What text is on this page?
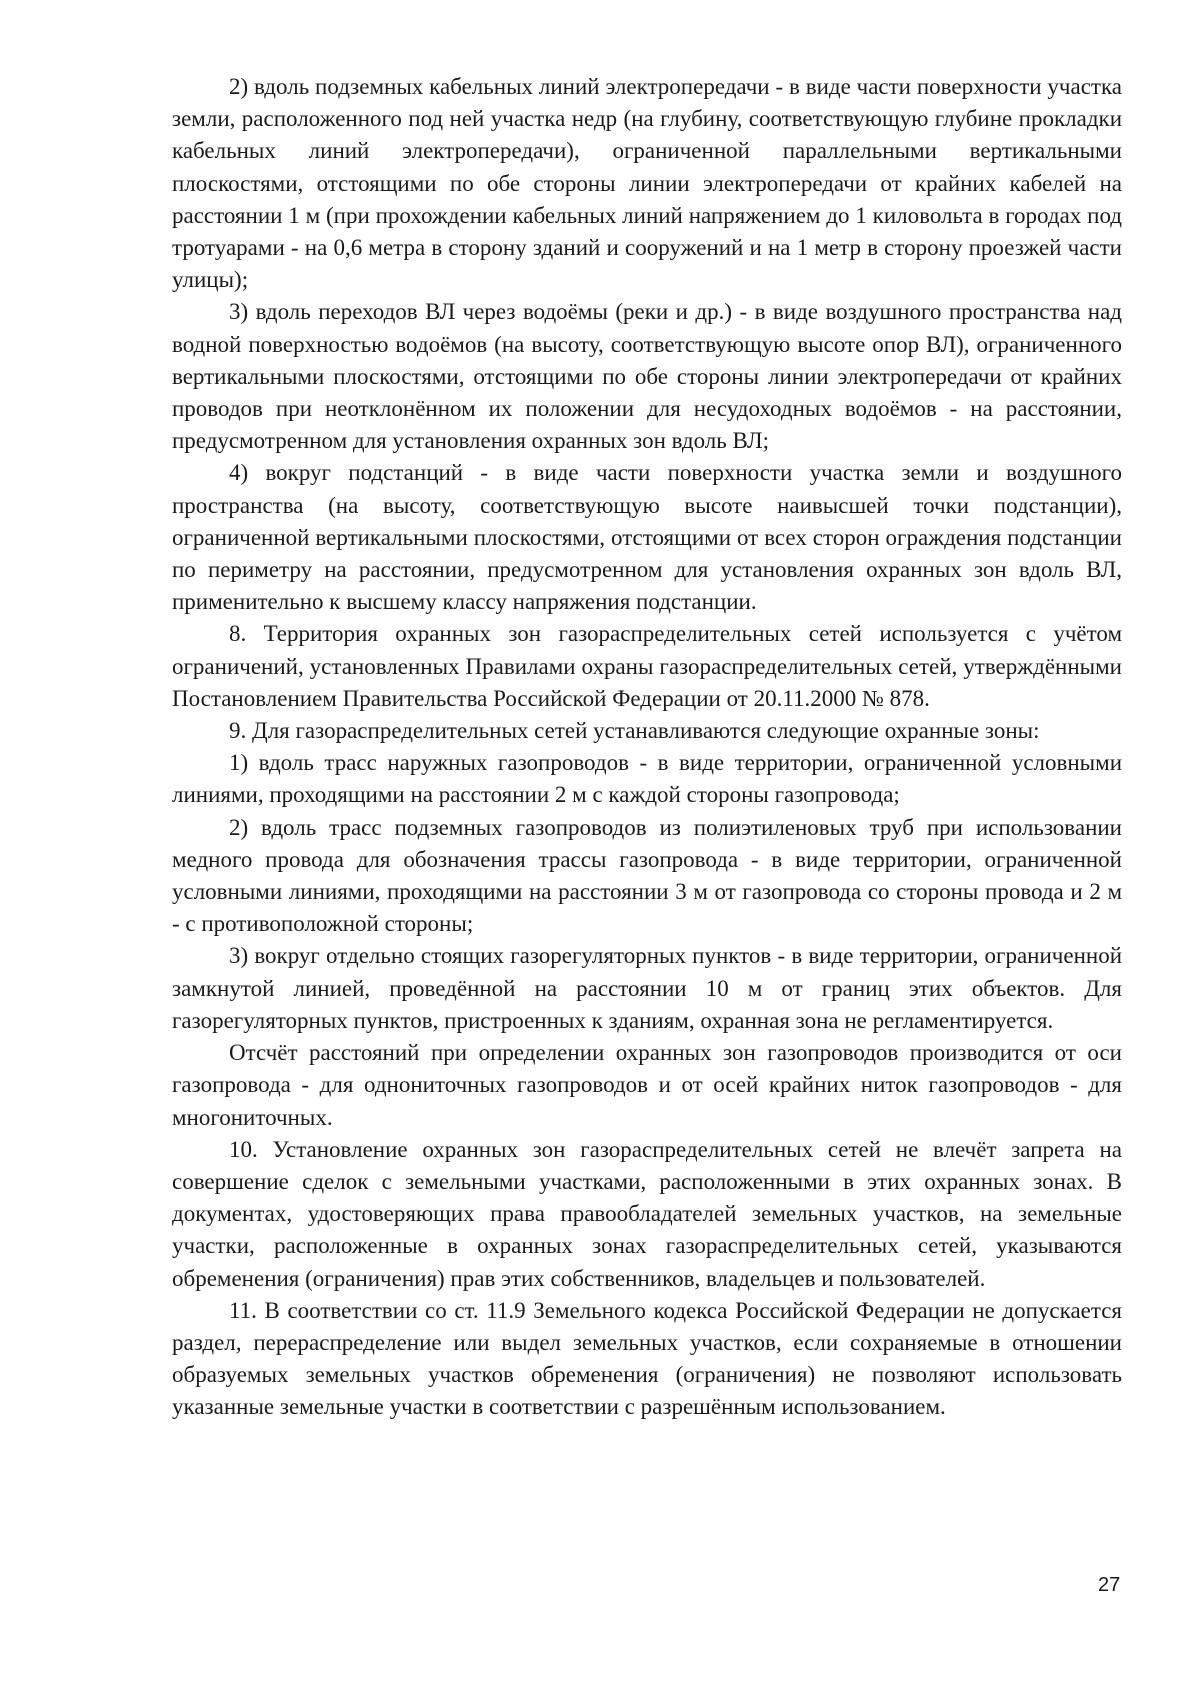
2) вдоль подземных кабельных линий электропередачи - в виде части поверхности участка земли, расположенного под ней участка недр (на глубину, соответствующую глубине прокладки кабельных линий электропередачи), ограниченной параллельными вертикальными плоскостями, отстоящими по обе стороны линии электропередачи от крайних кабелей на расстоянии 1 м (при прохождении кабельных линий напряжением до 1 киловольта в городах под тротуарами - на 0,6 метра в сторону зданий и сооружений и на 1 метр в сторону проезжей части улицы);

3) вдоль переходов ВЛ через водоёмы (реки и др.) - в виде воздушного пространства над водной поверхностью водоёмов (на высоту, соответствующую высоте опор ВЛ), ограниченного вертикальными плоскостями, отстоящими по обе стороны линии электропередачи от крайних проводов при неотклонённом их положении для несудоходных водоёмов - на расстоянии, предусмотренном для установления охранных зон вдоль ВЛ;

4) вокруг подстанций - в виде части поверхности участка земли и воздушного пространства (на высоту, соответствующую высоте наивысшей точки подстанции), ограниченной вертикальными плоскостями, отстоящими от всех сторон ограждения подстанции по периметру на расстоянии, предусмотренном для установления охранных зон вдоль ВЛ, применительно к высшему классу напряжения подстанции.

8. Территория охранных зон газораспределительных сетей используется с учётом ограничений, установленных Правилами охраны газораспределительных сетей, утверждёнными Постановлением Правительства Российской Федерации от 20.11.2000 № 878.

9. Для газораспределительных сетей устанавливаются следующие охранные зоны:

1) вдоль трасс наружных газопроводов - в виде территории, ограниченной условными линиями, проходящими на расстоянии 2 м с каждой стороны газопровода;

2) вдоль трасс подземных газопроводов из полиэтиленовых труб при использовании медного провода для обозначения трассы газопровода - в виде территории, ограниченной условными линиями, проходящими на расстоянии 3 м от газопровода со стороны провода и 2 м - с противоположной стороны;

3) вокруг отдельно стоящих газорегуляторных пунктов - в виде территории, ограниченной замкнутой линией, проведённой на расстоянии 10 м от границ этих объектов. Для газорегуляторных пунктов, пристроенных к зданиям, охранная зона не регламентируется.

Отсчёт расстояний при определении охранных зон газопроводов производится от оси газопровода - для однониточных газопроводов и от осей крайних ниток газопроводов - для многониточных.

10. Установление охранных зон газораспределительных сетей не влечёт запрета на совершение сделок с земельными участками, расположенными в этих охранных зонах. В документах, удостоверяющих права правообладателей земельных участков, на земельные участки, расположенные в охранных зонах газораспределительных сетей, указываются обременения (ограничения) прав этих собственников, владельцев и пользователей.

11. В соответствии со ст. 11.9 Земельного кодекса Российской Федерации не допускается раздел, перераспределение или выдел земельных участков, если сохраняемые в отношении образуемых земельных участков обременения (ограничения) не позволяют использовать указанные земельные участки в соответствии с разрешённым использованием.

27
